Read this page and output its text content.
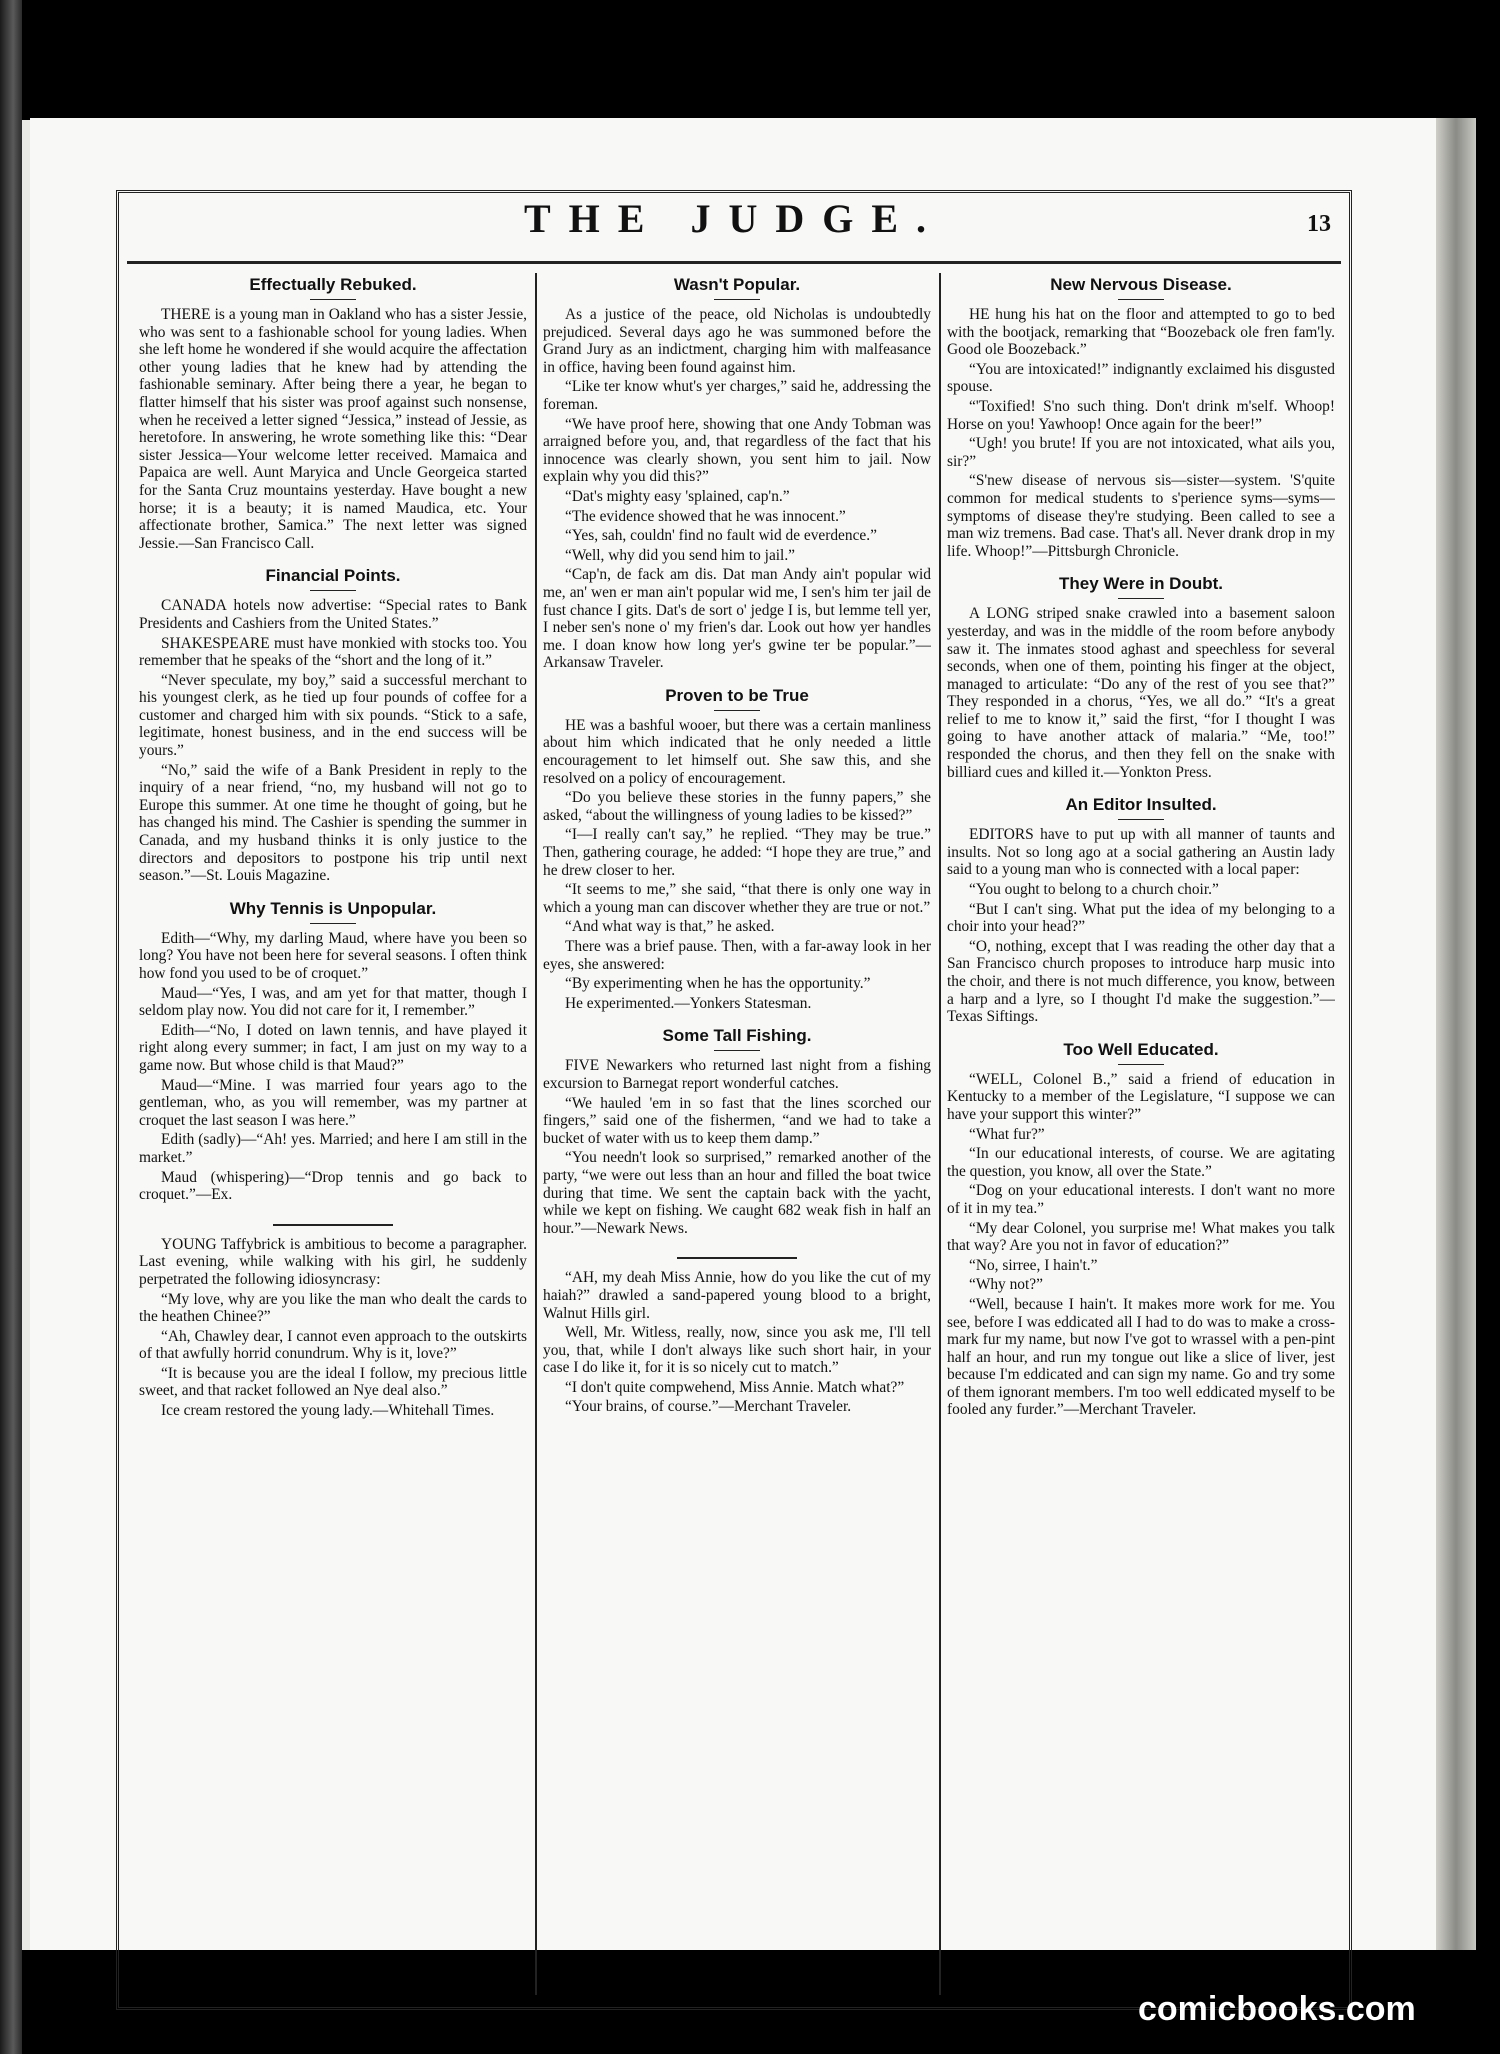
THE JUDGE.	13
Effectually Rebuked.

THERE is a young man in Oakland who has a sister Jessie, who was sent to a fashionable school for young ladies. When she left home he wondered if she would acquire the affectation other young ladies that he knew had by attending the fashionable seminary. After being there a year, he began to flatter himself that his sister was proof against such nonsense, when he received a letter signed “Jessica,” instead of Jessie, as heretofore. In answering, he wrote something like this: “Dear sister Jessica—Your welcome letter received. Mamaica and Papaica are well. Aunt Maryica and Uncle Georgeica started for the Santa Cruz mountains yesterday. Have bought a new horse; it is a beauty; it is named Maudica, etc. Your affectionate brother, Samica.” The next letter was signed Jessie.—San Francisco Call.

Financial Points.

CANADA hotels now advertise: “Special rates to Bank Presidents and Cashiers from the United States.”

SHAKESPEARE must have monkied with stocks too. You remember that he speaks of the “short and the long of it.”

“Never speculate, my boy,” said a successful merchant to his youngest clerk, as he tied up four pounds of coffee for a customer and charged him with six pounds. “Stick to a safe, legitimate, honest business, and in the end success will be yours.”

“No,” said the wife of a Bank President in reply to the inquiry of a near friend, “no, my husband will not go to Europe this summer. At one time he thought of going, but he has changed his mind. The Cashier is spending the summer in Canada, and my husband thinks it is only justice to the directors and depositors to postpone his trip until next season.”—St. Louis Magazine.

Why Tennis is Unpopular.

Edith—“Why, my darling Maud, where have you been so long? You have not been here for several seasons. I often think how fond you used to be of croquet.”

Maud—“Yes, I was, and am yet for that matter, though I seldom play now. You did not care for it, I remember.”

Edith—“No, I doted on lawn tennis, and have played it right along every summer; in fact, I am just on my way to a game now. But whose child is that Maud?”

Maud—“Mine. I was married four years ago to the gentleman, who, as you will remember, was my partner at croquet the last season I was here.”

Edith (sadly)—“Ah! yes. Married; and here I am still in the market.”

Maud (whispering)—“Drop tennis and go back to croquet.”—Ex.

YOUNG Taffybrick is ambitious to become a paragrapher. Last evening, while walking with his girl, he suddenly perpetrated the following idiosyncrasy:

“My love, why are you like the man who dealt the cards to the heathen Chinee?”

“Ah, Chawley dear, I cannot even approach to the outskirts of that awfully horrid conundrum. Why is it, love?”

“It is because you are the ideal I follow, my precious little sweet, and that racket followed an Nye deal also.”

Ice cream restored the young lady.—Whitehall Times.

Wasn't Popular.

As a justice of the peace, old Nicholas is undoubtedly prejudiced. Several days ago he was summoned before the Grand Jury as an indictment, charging him with malfeasance in office, having been found against him.

“Like ter know whut's yer charges,” said he, addressing the foreman.

“We have proof here, showing that one Andy Tobman was arraigned before you, and, that regardless of the fact that his innocence was clearly shown, you sent him to jail. Now explain why you did this?”

“Dat's mighty easy 'splained, cap'n.”

“The evidence showed that he was innocent.”

“Yes, sah, couldn' find no fault wid de everdence.”

“Well, why did you send him to jail.”

“Cap'n, de fack am dis. Dat man Andy ain't popular wid me, an' wen er man ain't popular wid me, I sen's him ter jail de fust chance I gits. Dat's de sort o' jedge I is, but lemme tell yer, I neber sen's none o' my frien's dar. Look out how yer handles me. I doan know how long yer's gwine ter be popular.”—Arkansaw Traveler.

Proven to be True

HE was a bashful wooer, but there was a certain manliness about him which indicated that he only needed a little encouragement to let himself out. She saw this, and she resolved on a policy of encouragement.

“Do you believe these stories in the funny papers,” she asked, “about the willingness of young ladies to be kissed?”

“I—I really can't say,” he replied. “They may be true.” Then, gathering courage, he added: “I hope they are true,” and he drew closer to her.

“It seems to me,” she said, “that there is only one way in which a young man can discover whether they are true or not.”

“And what way is that,” he asked.

There was a brief pause. Then, with a far-away look in her eyes, she answered:

“By experimenting when he has the opportunity.”

He experimented.—Yonkers Statesman.

Some Tall Fishing.

FIVE Newarkers who returned last night from a fishing excursion to Barnegat report wonderful catches.

“We hauled 'em in so fast that the lines scorched our fingers,” said one of the fishermen, “and we had to take a bucket of water with us to keep them damp.”

“You needn't look so surprised,” remarked another of the party, “we were out less than an hour and filled the boat twice during that time. We sent the captain back with the yacht, while we kept on fishing. We caught 682 weak fish in half an hour.”—Newark News.

“AH, my deah Miss Annie, how do you like the cut of my haiah?” drawled a sand-papered young blood to a bright, Walnut Hills girl.

Well, Mr. Witless, really, now, since you ask me, I'll tell you, that, while I don't always like such short hair, in your case I do like it, for it is so nicely cut to match.”

“I don't quite compwehend, Miss Annie. Match what?”

“Your brains, of course.”—Merchant Traveler.

New Nervous Disease.

HE hung his hat on the floor and attempted to go to bed with the bootjack, remarking that “Boozeback ole fren fam'ly. Good ole Boozeback.”

“You are intoxicated!” indignantly exclaimed his disgusted spouse.

“'Toxified! S'no such thing. Don't drink m'self. Whoop! Horse on you! Yawhoop! Once again for the beer!”

“Ugh! you brute! If you are not intoxicated, what ails you, sir?”

“S'new disease of nervous sis—sister—system. 'S'quite common for medical students to s'perience syms—syms—symptoms of disease they're studying. Been called to see a man wiz tremens. Bad case. That's all. Never drank drop in my life. Whoop!”—Pittsburgh Chronicle.

They Were in Doubt.

A LONG striped snake crawled into a basement saloon yesterday, and was in the middle of the room before anybody saw it. The inmates stood aghast and speechless for several seconds, when one of them, pointing his finger at the object, managed to articulate: “Do any of the rest of you see that?” They responded in a chorus, “Yes, we all do.” “It's a great relief to me to know it,” said the first, “for I thought I was going to have another attack of malaria.” “Me, too!” responded the chorus, and then they fell on the snake with billiard cues and killed it.—Yonkton Press.

An Editor Insulted.

EDITORS have to put up with all manner of taunts and insults. Not so long ago at a social gathering an Austin lady said to a young man who is connected with a local paper:

“You ought to belong to a church choir.”

“But I can't sing. What put the idea of my belonging to a choir into your head?”

“O, nothing, except that I was reading the other day that a San Francisco church proposes to introduce harp music into the choir, and there is not much difference, you know, between a harp and a lyre, so I thought I'd make the suggestion.”—Texas Siftings.

Too Well Educated.

“WELL, Colonel B.,” said a friend of education in Kentucky to a member of the Legislature, “I suppose we can have your support this winter?”

“What fur?”

“In our educational interests, of course. We are agitating the question, you know, all over the State.”

“Dog on your educational interests. I don't want no more of it in my tea.”

“My dear Colonel, you surprise me! What makes you talk that way? Are you not in favor of education?”

“No, sirree, I hain't.”

“Why not?”

“Well, because I hain't. It makes more work for me. You see, before I was eddicated all I had to do was to make a cross-mark fur my name, but now I've got to wrassel with a pen-pint half an hour, and run my tongue out like a slice of liver, jest because I'm eddicated and can sign my name. Go and try some of them ignorant members. I'm too well eddicated myself to be fooled any furder.”—Merchant Traveler.

comicbooks.com
